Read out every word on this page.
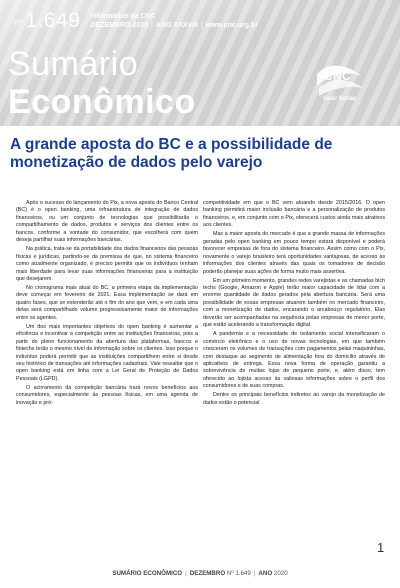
nº 1.649 Informativo da CNC
DEZEMBRO 2020 | ANO XXXVIII | www.cnc.org.br
Sumário
Econômico
CNC
Sesc Senac
A grande aposta do BC e a possibilidade de monetização de dados pelo varejo

Após o sucesso do lançamento do Pix, a nova aposta do Banco Central (BC) é o open banking, uma infraestrutura de integração de dados financeiros, ou um conjunto de tecnologias que possibilitarão o compartilhamento de dados, produtos e serviços dos clientes entre os bancos, conforme a vontade do consumidor, que escolherá com quem deseja partilhar suas informações bancárias.

Na prática, trata-se da portabilidade dos dados financeiros das pessoas físicas e jurídicas, partindo-se da premissa de que, no sistema financeiro como atualmente organizado, é preciso permitir que os indivíduos tenham mais liberdade para levar suas informações financeiras para a instituição que desejarem.

No cronograma mais atual do BC, a primeira etapa da implementação deve começar em fevereiro de 2021. Essa implementação se dará em quatro fases, que se estenderão até o fim do ano que vem, e em cada uma delas será compartilhado volume progressivamente maior de informações entre os agentes.

Um dos mais importantes objetivos do open banking é aumentar a eficiência e incentivar a competição entre as instituições financeiras, pois a partir do pleno funcionamento da abertura das plataformas, bancos e fintechs terão o mesmo nível de informação sobre os clientes. Isso porque o indivíduo poderá permitir que as instituições compartilhem entre si desde seu histórico de transações até informações cadastrais. Vale ressaltar que o open banking está em linha com a Lei Geral de Proteção de Dados Pessoais (LGPD).

O acirramento da competição bancária trará novos benefícios aos consumidores, especialmente às pessoas físicas, em uma agenda de inovação e pró-

competitividade em que o BC vem atuando desde 2015/2016. O open banking permitirá maior inclusão bancária e a personalização de produtos financeiros, e, em conjunto com o Pix, oferecerá custos ainda mais atrativos aos clientes.

Mas a maior aposta do mercado é que a grande massa de informações geradas pelo open banking em pouco tempo estará disponível e poderá favorecer empresas de fora do sistema financeiro. Assim como com o Pix, novamente o varejo brasileiro terá oportunidades vantajosas, de acesso às informações dos clientes através das quais os tomadores de decisão poderão planejar suas ações de forma muito mais assertiva.

Em um primeiro momento, grandes redes varejistas e as chamadas bich techs (Google, Amazon e Apple) terão maior capacidade de lidar com a enorme quantidade de dados gerados pela abertura bancária. Será uma possibilidade de essas empresas atuarem também no mercado financeiro, com a monetização de dados, encarando o arcabouço regulatório. Elas deverão ser acompanhadas na sequência pelas empresas de menor porte, que estão acelerando a transformação digital.

A pandemia e a necessidade de isolamento social intensificaram o comércio eletrônico e o uso de novas tecnologias, em que também cresceram os volumes de transações com pagamentos pelas maquininhas, com destaque ao segmento de alimentação fora do domicílio através de aplicativos de entrega. Essa nova forma de operação garantiu a sobrevivência de muitas lojas de pequeno porte, e, além disso, tem oferecido ao lojista acesso às valiosas informações sobre o perfil dos consumidores e de suas compras.

Dentre os principais benefícios indiretos ao varejo da monetização de dados estão o potencial

1
SUMÁRIO ECONÔMICO | DEZEMBRO Nº 1.649 | ANO 2020
